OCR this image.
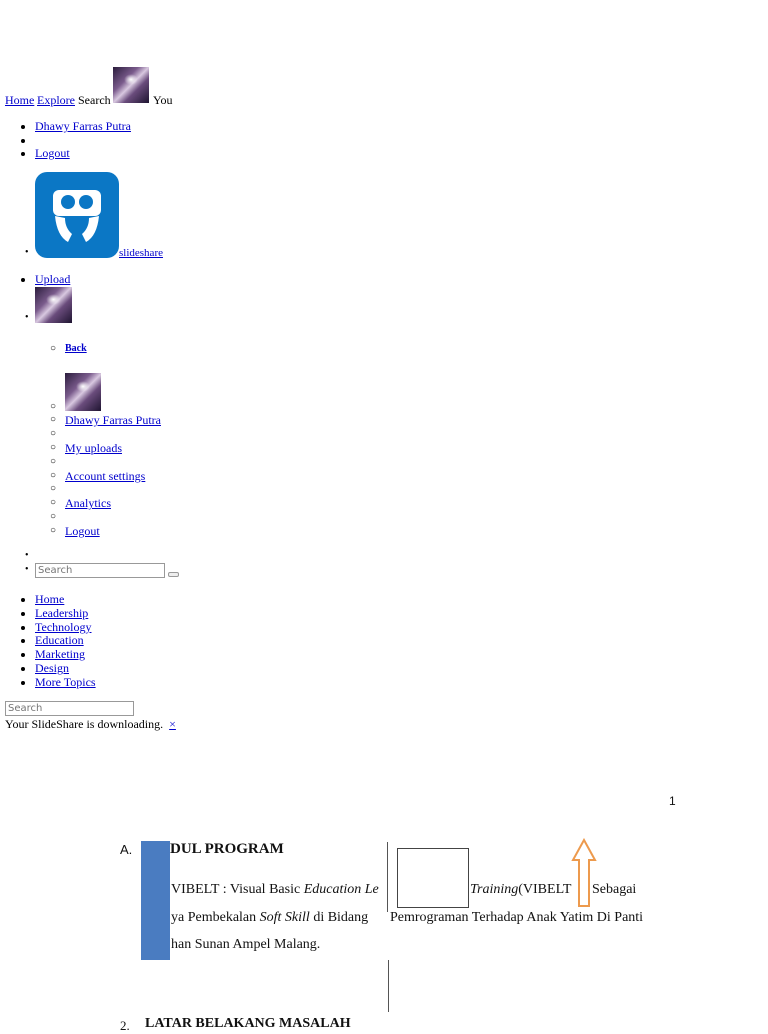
Home Explore Search	You
• Dhawy Farras Putra
•
• Logout
•	slideshare
• Upload
•
○ Back
○
○ Dhawy Farras Putra
○
○ My uploads
○
○ Account settings
○
○ Analytics
○
○ Logout
•
•
Search
• Home
• Leadership
• Technology
• Education
• Marketing
• Design
• More Topics
Search
Your SlideShare is downloading. ×
1
A.	DUL PROGRAM
VIBELT : Visual Basic Education Le	Training(VIBELT Sebagai
ya Pembekalan Soft Skill di Bidang Pemrograman Terhadap Anak Yatim Di Panti
han Sunan Ampel Malang.
2. LATAR BELAKANG MASALAH
